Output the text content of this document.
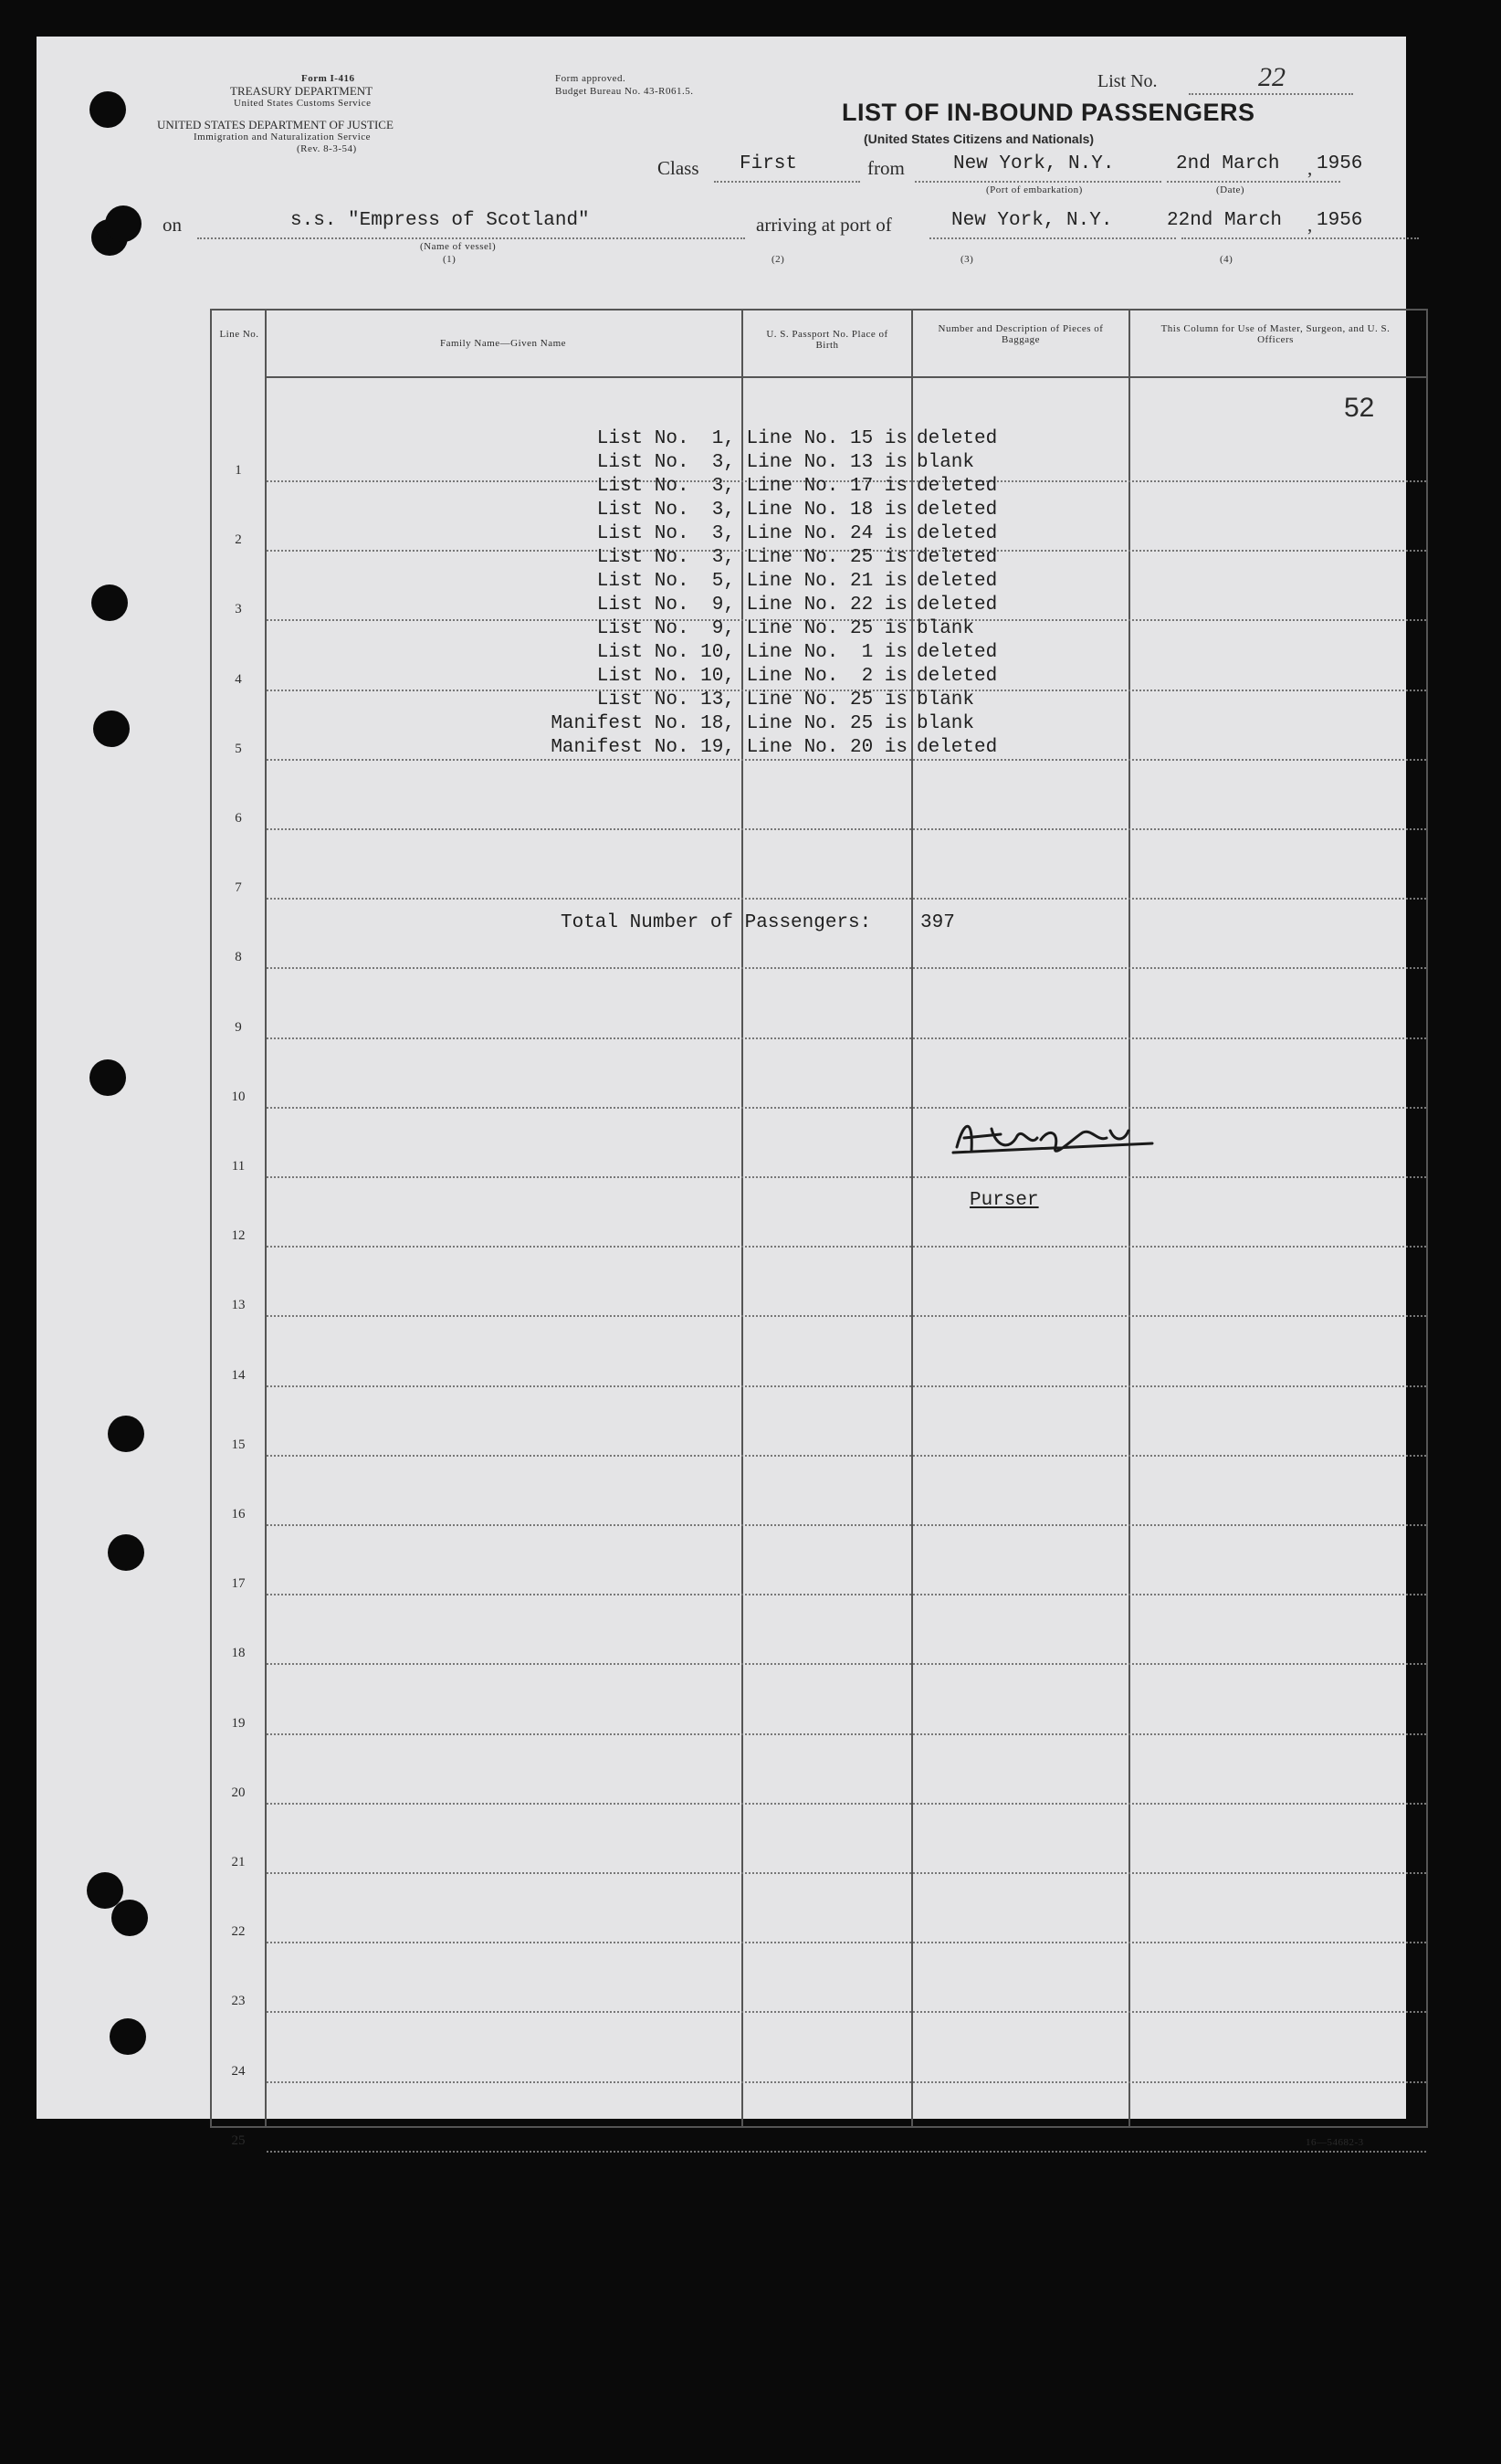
Form I-416
TREASURY DEPARTMENT
United States Customs Service
UNITED STATES DEPARTMENT OF JUSTICE
Immigration and Naturalization Service
(Rev. 8-3-54)
Form approved.
Budget Bureau No. 43-R061.5.	List No.	22
LIST OF IN-BOUND PASSENGERS
(United States Citizens and Nationals)
Class First	from	New York, N.Y.
(Port of embarkation)
2nd March , 1956
(Date)
on	s.s. "Empress of Scotland"
(Name of vessel)
(1)
arriving at port of	New York, N.Y.	22nd March , 1956
(2)	(3)	(4)
Line No.
Family Name—Given Name
U. S. Passport No. Place of Birth
Number and Description of Pieces of Baggage
This Column for Use of Master, Surgeon, and U. S. Officers
52
1
2
3
4
5
6
7
8
9
10
11
12
13
14
15
16
17
18
19
20
21
22
23
24
25
List No.  1, Line No. 15 is deleted
List No.  3, Line No. 13 is blank
List No.  3, Line No. 17 is deleted
List No.  3, Line No. 18 is deleted
List No.  3, Line No. 24 is deleted
List No.  3, Line No. 25 is deleted
List No.  5, Line No. 21 is deleted
List No.  9, Line No. 22 is deleted
List No.  9, Line No. 25 is blank
List No. 10, Line No.  1 is deleted
List No. 10, Line No.  2 is deleted
List No. 13, Line No. 25 is blank
Manifest No. 18, Line No. 25 is blank
Manifest No. 19, Line No. 20 is deleted
Total Number of Passengers:	397
Purser
16—54682-3
